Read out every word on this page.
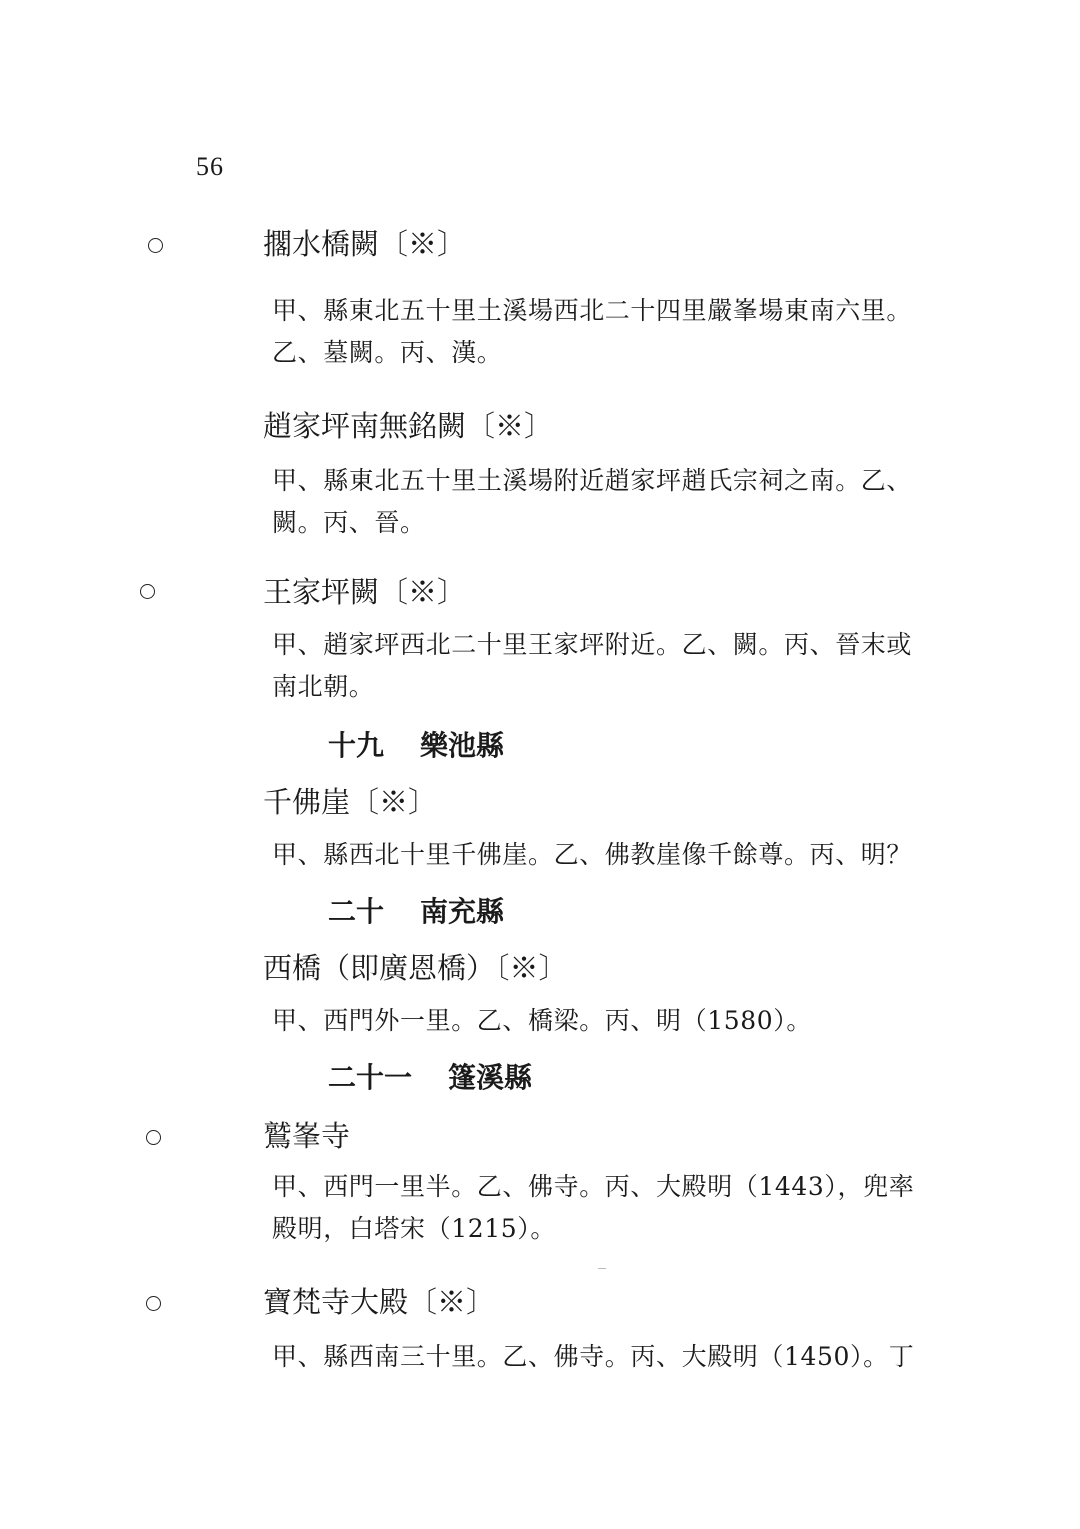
56
擱水橋闕〔※〕
甲、縣東北五十里土溪場西北二十四里嚴峯場東南六里。
乙、墓闕。丙、漢。
趙家坪南無銘闕〔※〕
甲、縣東北五十里土溪場附近趙家坪趙氏宗祠之南。乙、
闕。丙、晉。
王家坪闕〔※〕
甲、趙家坪西北二十里王家坪附近。乙、闕。丙、晉末或
南北朝。
十九 樂池縣
千佛崖〔※〕
甲、縣西北十里千佛崖。乙、佛教崖像千餘尊。丙、明？
二十 南充縣
西橋（即廣恩橋）〔※〕
甲、西門外一里。乙、橋梁。丙、明（1580）。
二十一 篷溪縣
鷲峯寺
甲、西門一里半。乙、佛寺。丙、大殿明（1443），兜率
殿明，白塔宋（1215）。
寶梵寺大殿〔※〕
甲、縣西南三十里。乙、佛寺。丙、大殿明（1450）。丁
